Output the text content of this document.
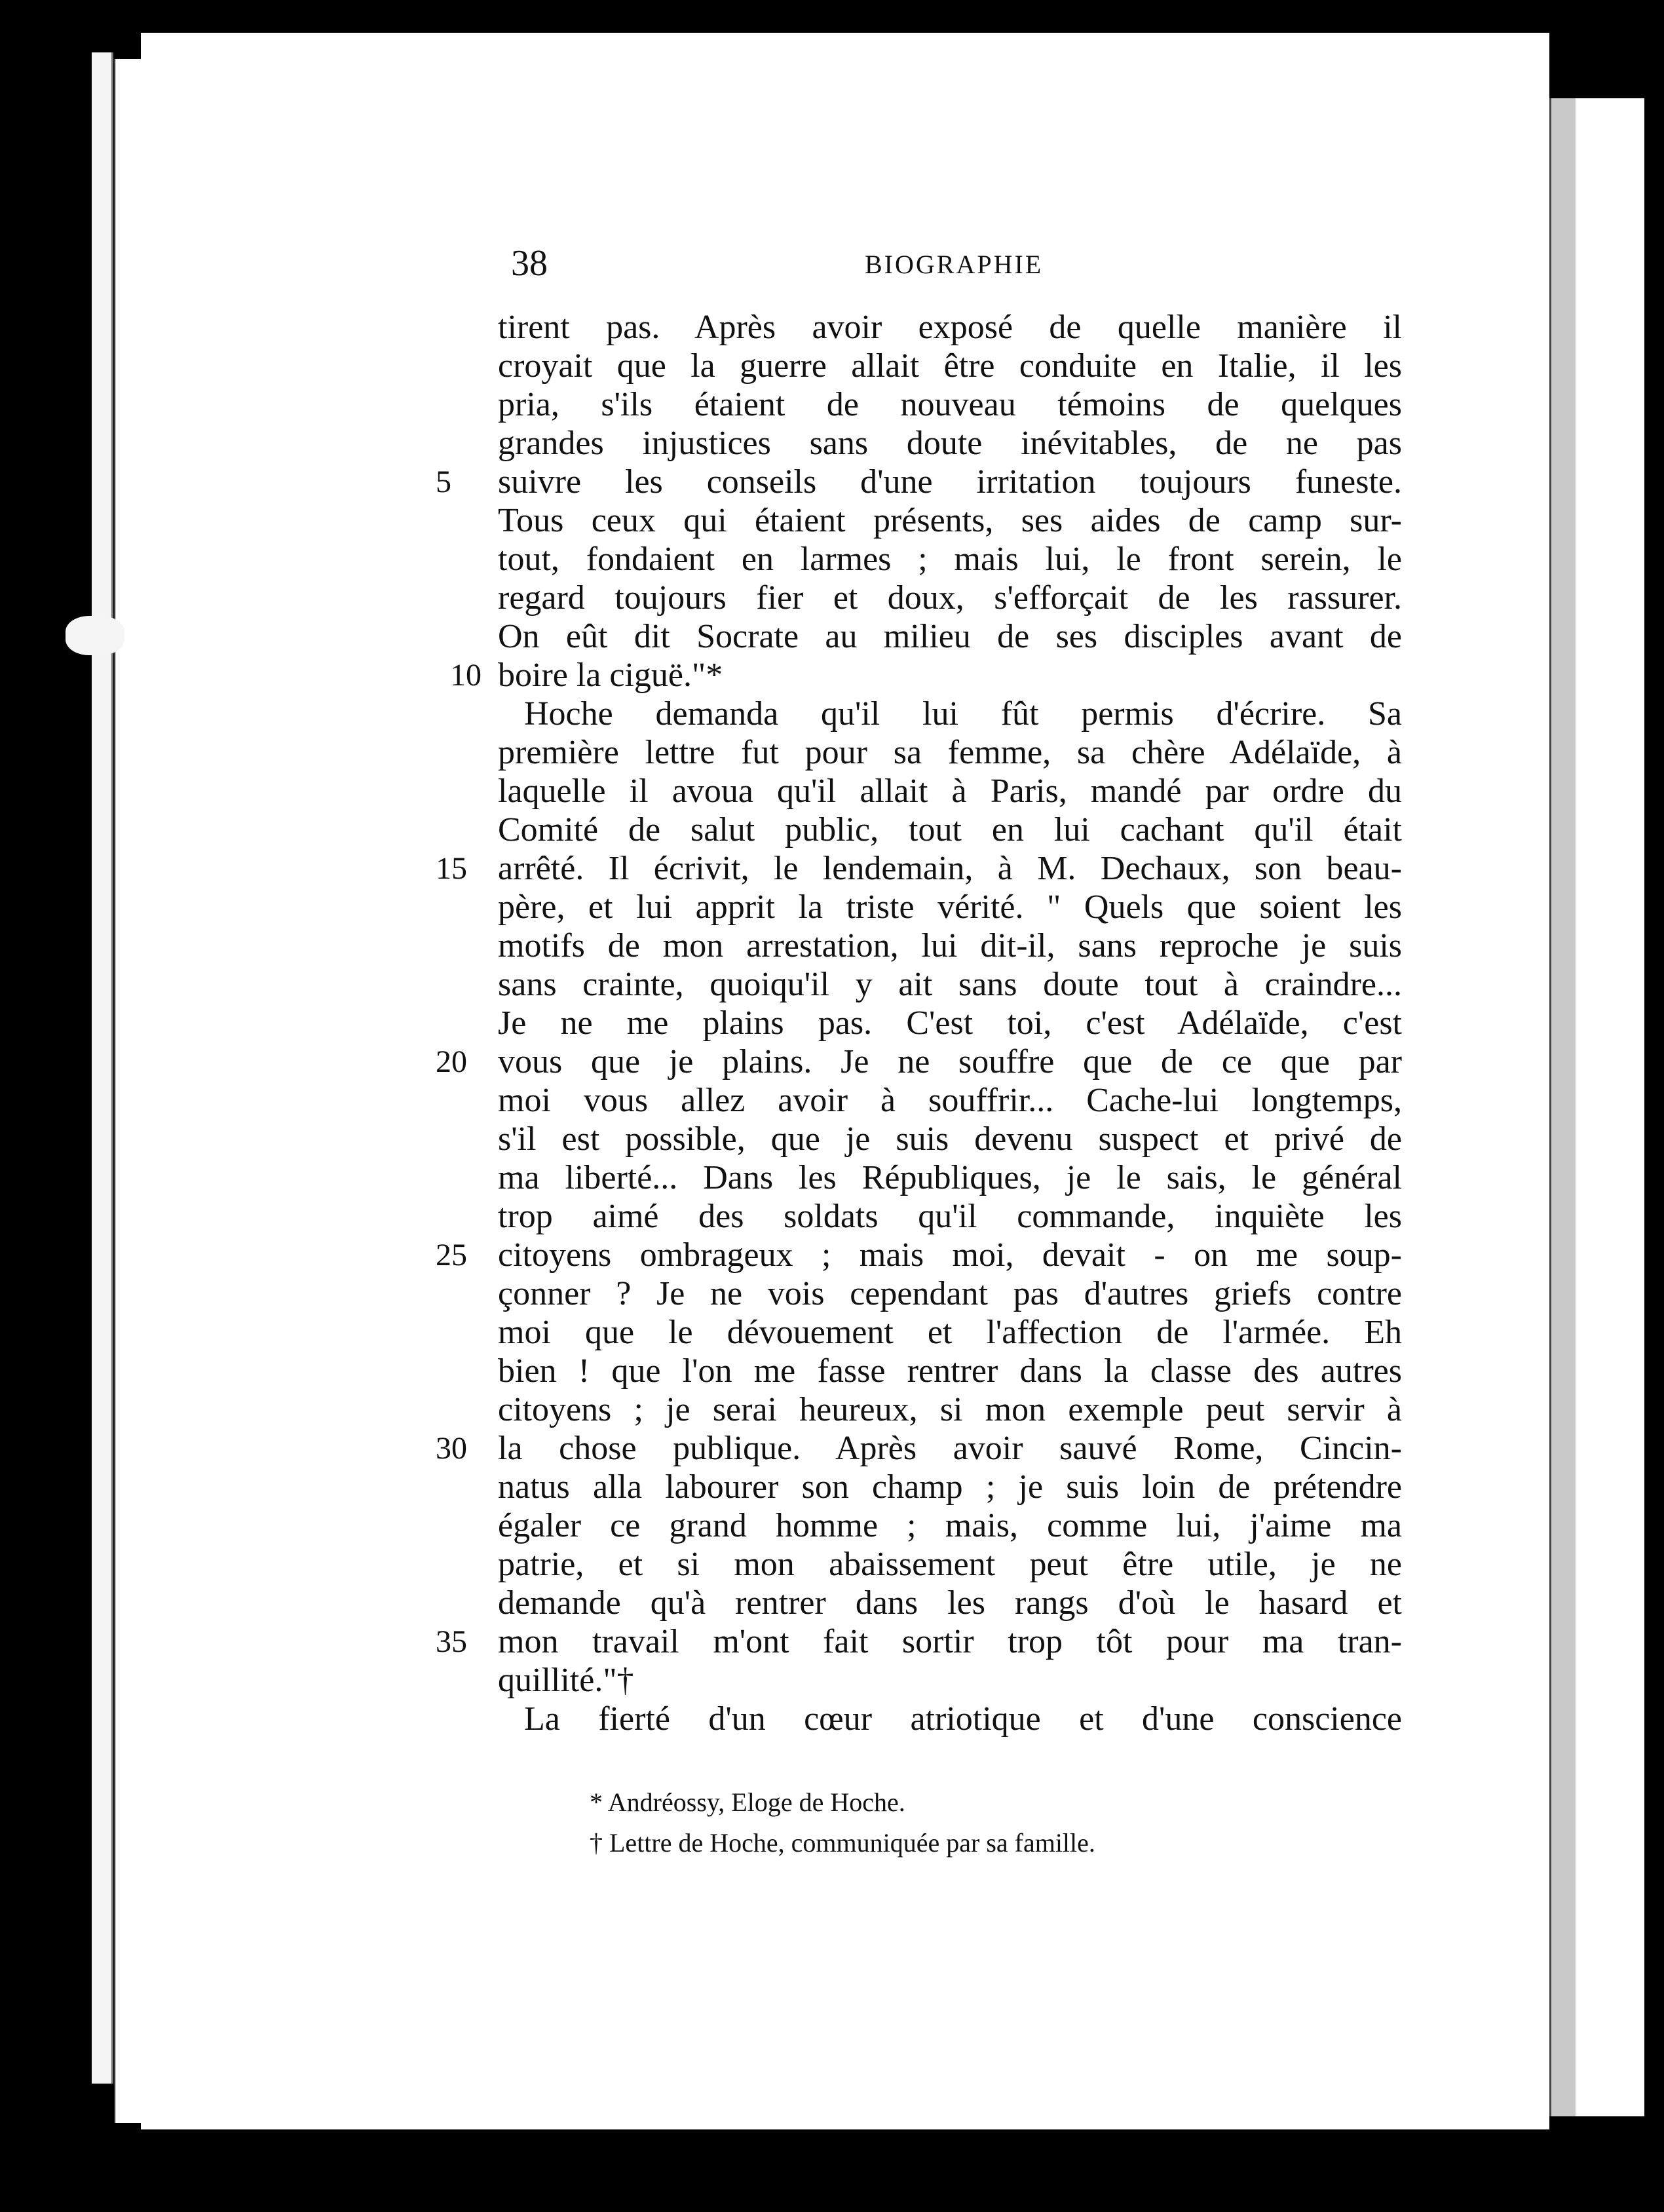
38	BIOGRAPHIE
tirent pas. Après avoir exposé de quelle manière il
croyait que la guerre allait être conduite en Italie, il les
pria, s'ils étaient de nouveau témoins de quelques
grandes injustices sans doute inévitables, de ne pas
5	suivre les conseils d'une irritation toujours funeste.
Tous ceux qui étaient présents, ses aides de camp sur-
tout, fondaient en larmes ; mais lui, le front serein, le
regard toujours fier et doux, s'efforçait de les rassurer.
On eût dit Socrate au milieu de ses disciples avant de
10 boire la ciguë."*
Hoche demanda qu'il lui fût permis d'écrire. Sa
première lettre fut pour sa femme, sa chère Adélaïde, à
laquelle il avoua qu'il allait à Paris, mandé par ordre du
Comité de salut public, tout en lui cachant qu'il était
15 arrêté. Il écrivit, le lendemain, à M. Dechaux, son beau-
père, et lui apprit la triste vérité. " Quels que soient les
motifs de mon arrestation, lui dit-il, sans reproche je suis
sans crainte, quoiqu'il y ait sans doute tout à craindre...
Je ne me plains pas. C'est toi, c'est Adélaïde, c'est
20 vous que je plains. Je ne souffre que de ce que par
moi vous allez avoir à souffrir... Cache-lui longtemps,
s'il est possible, que je suis devenu suspect et privé de
ma liberté... Dans les Républiques, je le sais, le général
trop aimé des soldats qu'il commande, inquiète les
25 citoyens ombrageux ; mais moi, devait - on me soup-
çonner ? Je ne vois cependant pas d'autres griefs contre
moi que le dévouement et l'affection de l'armée. Eh
bien ! que l'on me fasse rentrer dans la classe des autres
citoyens ; je serai heureux, si mon exemple peut servir à
30 la chose publique. Après avoir sauvé Rome, Cincin-
natus alla labourer son champ ; je suis loin de prétendre
égaler ce grand homme ; mais, comme lui, j'aime ma
patrie, et si mon abaissement peut être utile, je ne
demande qu'à rentrer dans les rangs d'où le hasard et
35 mon travail m'ont fait sortir trop tôt pour ma tran-
quillité."†
La fierté d'un cœur atriotique et d'une conscience
* Andréossy, Eloge de Hoche.
† Lettre de Hoche, communiquée par sa famille.
